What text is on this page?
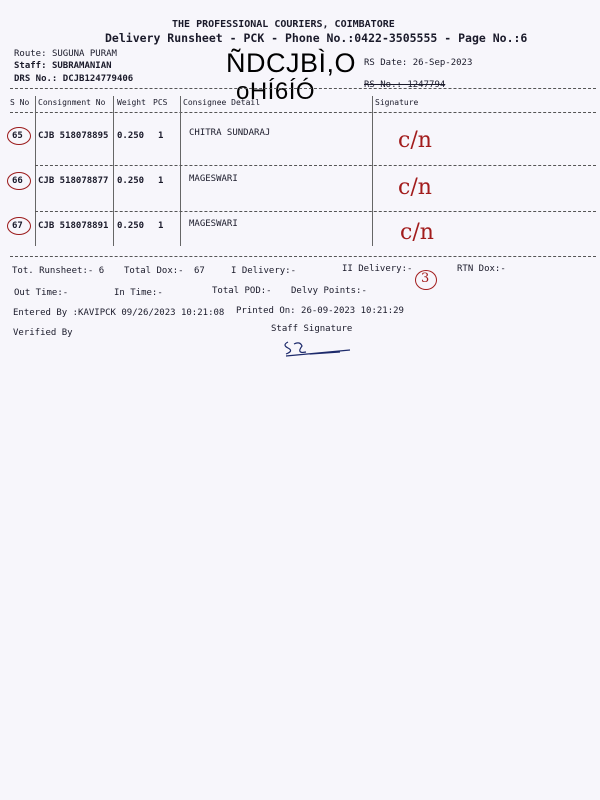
THE PROFESSIONAL COURIERS, COIMBATORE
Delivery Runsheet - PCK - Phone No.:0422-3505555 - Page No.:6
Route: SUGUNA PURAM
Staff: SUBRAMANIAN
DRS No.: DCJB124779406
ÑDCJBÌ,O
oHÍ6ÍÓ
RS Date: 26-Sep-2023
RS No.: 1247794
S No Consignment No Weight PCS Consignee Detail	Signature
65 CJB 518078895 0.250 1	CHITRA SUNDARAJ	c/n
66 CJB 518078877 0.250 1	MAGESWARI	c/n
67 CJB 518078891 0.250 1	MAGESWARI	c/n
Tot. Runsheet:- 6 Total Dox:- 67	I Delivery:-	II Delivery:-	RTN Dox:-
3
Out Time:-	In Time:-	Total POD:- Delvy Points:-
Entered By :KAVIPCK 09/26/2023 10:21:08 Printed On: 26-09-2023 10:21:29
Verified By	Staff Signature
